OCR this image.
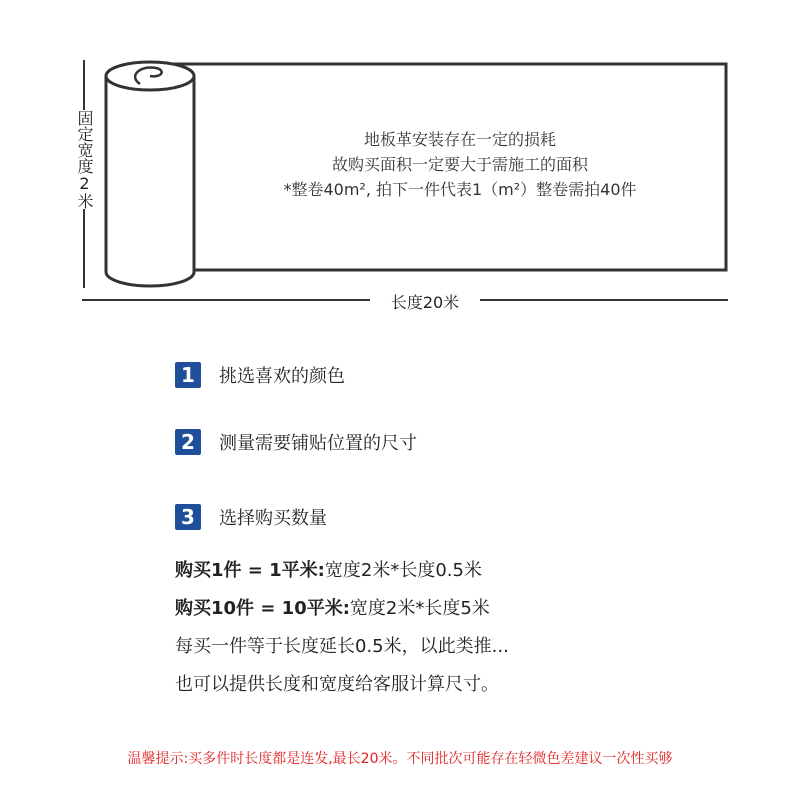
地板革安装存在一定的损耗
故购买面积一定要大于需施工的面积
*整卷40m², 拍下一件代表1（m²）整卷需拍40件
长度20米
固定宽度2米
1	挑选喜欢的颜色
2	测量需要铺贴位置的尺寸
3	选择购买数量
购买1件 = 1平米:宽度2米*长度0.5米
购买10件 = 10平米:宽度2米*长度5米
每买一件等于长度延长0.5米，以此类推...
也可以提供长度和宽度给客服计算尺寸。
温馨提示:买多件时长度都是连发,最长20米。不同批次可能存在轻微色差建议一次性买够
